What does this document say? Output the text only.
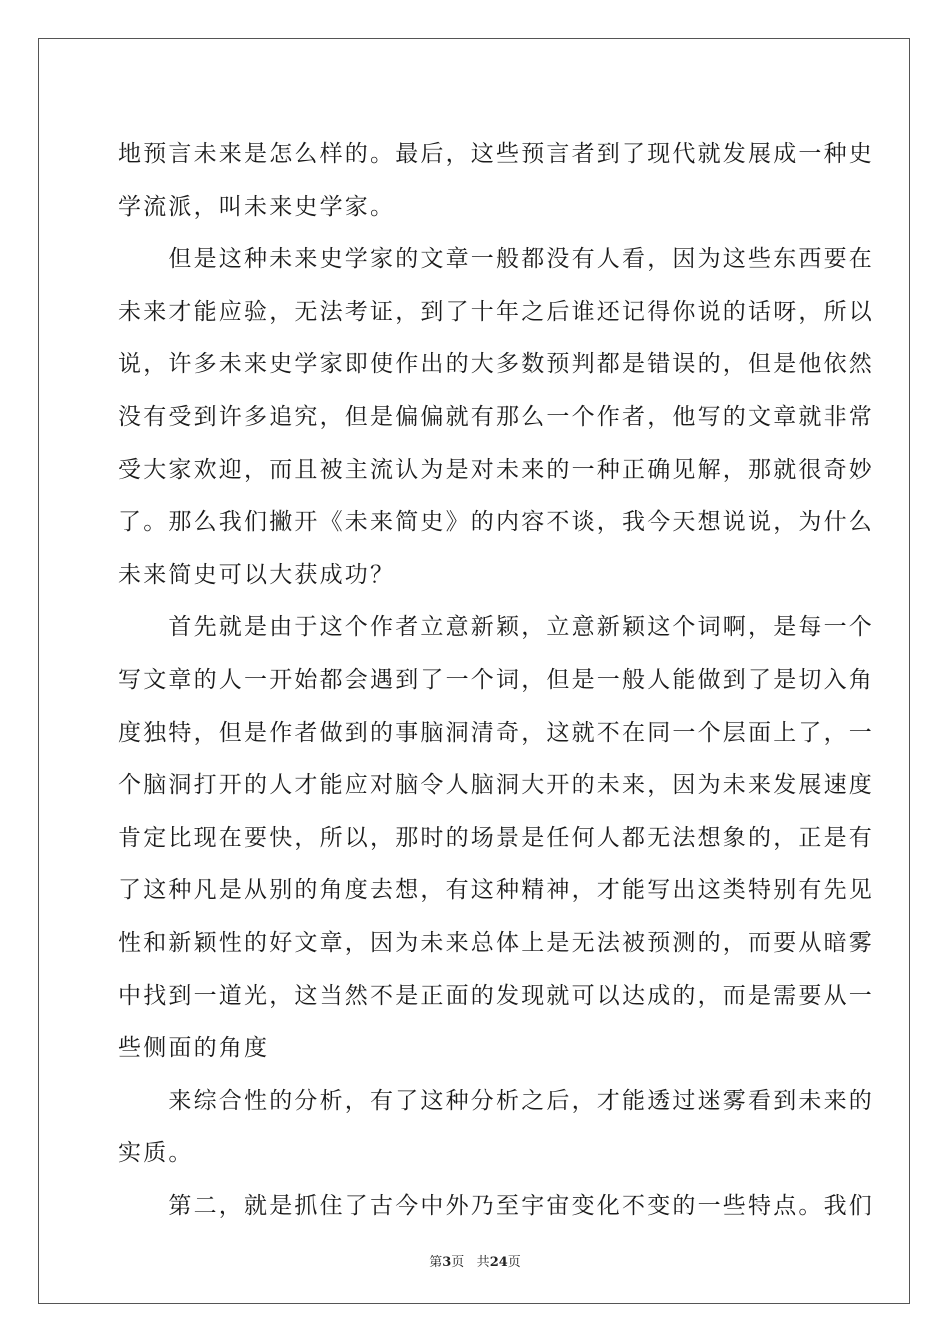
地预言未来是怎么样的。最后，这些预言者到了现代就发展成一种史
学流派，叫未来史学家。
　　但是这种未来史学家的文章一般都没有人看，因为这些东西要在
未来才能应验，无法考证，到了十年之后谁还记得你说的话呀，所以
说，许多未来史学家即使作出的大多数预判都是错误的，但是他依然
没有受到许多追究，但是偏偏就有那么一个作者，他写的文章就非常
受大家欢迎，而且被主流认为是对未来的一种正确见解，那就很奇妙
了。那么我们撇开《未来简史》的内容不谈，我今天想说说，为什么
未来简史可以大获成功？
　　首先就是由于这个作者立意新颖，立意新颖这个词啊，是每一个
写文章的人一开始都会遇到了一个词，但是一般人能做到了是切入角
度独特，但是作者做到的事脑洞清奇，这就不在同一个层面上了，一
个脑洞打开的人才能应对脑令人脑洞大开的未来，因为未来发展速度
肯定比现在要快，所以，那时的场景是任何人都无法想象的，正是有
了这种凡是从别的角度去想，有这种精神，才能写出这类特别有先见
性和新颖性的好文章，因为未来总体上是无法被预测的，而要从暗雾
中找到一道光，这当然不是正面的发现就可以达成的，而是需要从一
些侧面的角度
　　来综合性的分析，有了这种分析之后，才能透过迷雾看到未来的
实质。
　　第二，就是抓住了古今中外乃至宇宙变化不变的一些特点。我们
第3页 共24页
